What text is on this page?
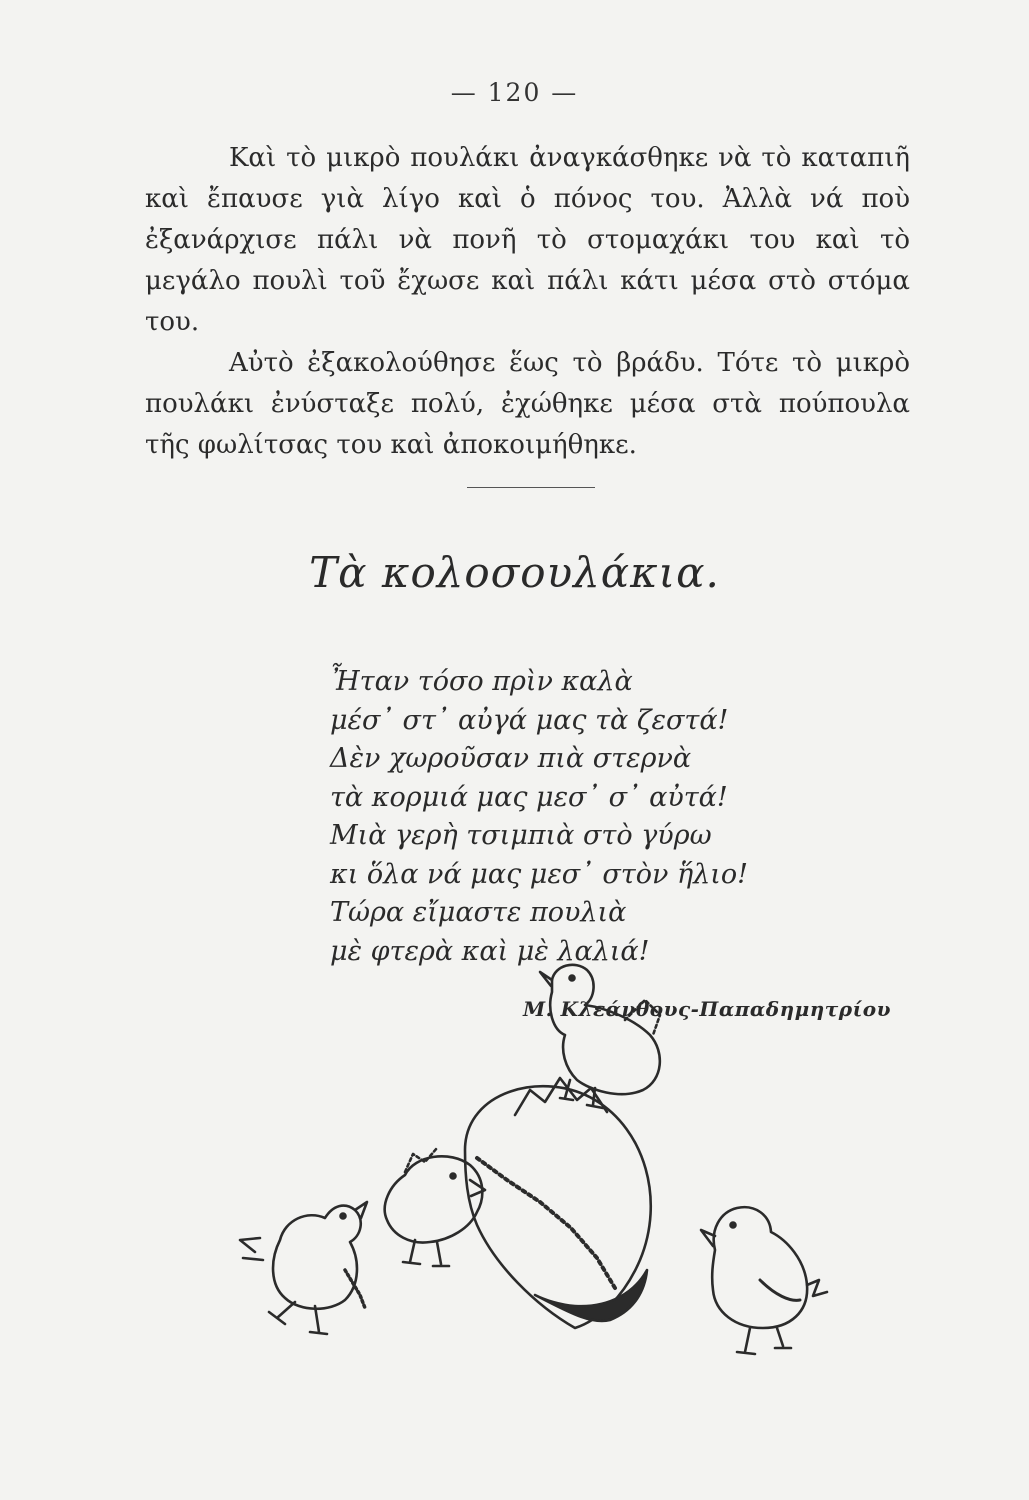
— 120 —

Καὶ τὸ μικρὸ πουλάκι ἀναγκάσθηκε νὰ τὸ καταπιῆ καὶ ἔπαυσε γιὰ λίγο καὶ ὁ πόνος του. Ἀλλὰ νά ποὺ ἐξανάρχισε πάλι νὰ πονῆ τὸ στομαχάκι του καὶ τὸ μεγάλο πουλὶ τοῦ ἔχωσε καὶ πάλι κάτι μέσα στὸ στόμα του.

Αὐτὸ ἐξακολούθησε ἕως τὸ βράδυ. Τότε τὸ μικρὸ πουλάκι ἐνύσταξε πολύ, ἐχώθηκε μέσα στὰ πούπουλα τῆς φωλίτσας του καὶ ἀποκοιμήθηκε.

Τὰ κολοσουλάκια.
Ἦταν τόσο πρὶν καλὰ
μέσ᾽ στ᾽ αὐγά μας τὰ ζεστά!
Δὲν χωροῦσαν πιὰ στερνὰ
τὰ κορμιά μας μεσ᾽ σ᾽ αὐτά!
Μιὰ γερὴ τσιμπιὰ στὸ γύρω
κι ὅλα νά μας μεσ᾽ στὸν ἥλιο!
Τώρα εἴμαστε πουλιὰ
μὲ φτερὰ καὶ μὲ λαλιά!
Μ. Κλεάνθους-Παπαδημητρίου
